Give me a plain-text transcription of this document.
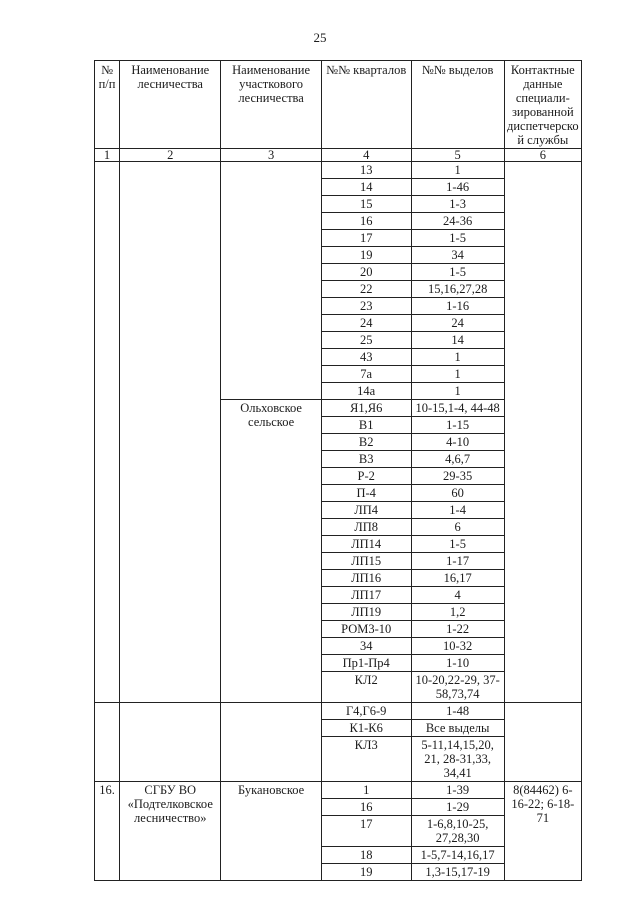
25
№ п/п	Наименование лесничества	Наименование участкового лесничества	№№ кварталов	№№ выделов	Контактные данные специали-зированной диспетчерской службы
1	2	3	4	5	6
			13	1	
			14	1-46	
			15	1-3	
			16	24-36	
			17	1-5	
			19	34	
			20	1-5	
			22	15,16,27,28	
			23	1-16	
			24	24	
			25	14	
			43	1	
			7а	1	
			14а	1	
		Ольховское сельское	Я1,Я6	10-15,1-4, 44-48	
			В1	1-15	
			В2	4-10	
			В3	4,6,7	
			Р-2	29-35	
			П-4	60	
			ЛП4	1-4	
			ЛП8	6	
			ЛП14	1-5	
			ЛП15	1-17	
			ЛП16	16,17	
			ЛП17	4	
			ЛП19	1,2	
			РОМ3-10	1-22	
			34	10-32	
			Пр1-Пр4	1-10	
			КЛ2	10-20,22-29, 37-58,73,74	
			Г4,Г6-9	1-48	
			К1-К6	Все выделы	
			КЛ3	5-11,14,15,20, 21, 28-31,33, 34,41	
16.	СГБУ ВО «Подтелковское лесничество»	Букановское	1	1-39	8(84462) 6-16-22; 6-18-71
			16	1-29	
			17	1-6,8,10-25, 27,28,30	
			18	1-5,7-14,16,17	
			19	1,3-15,17-19	
